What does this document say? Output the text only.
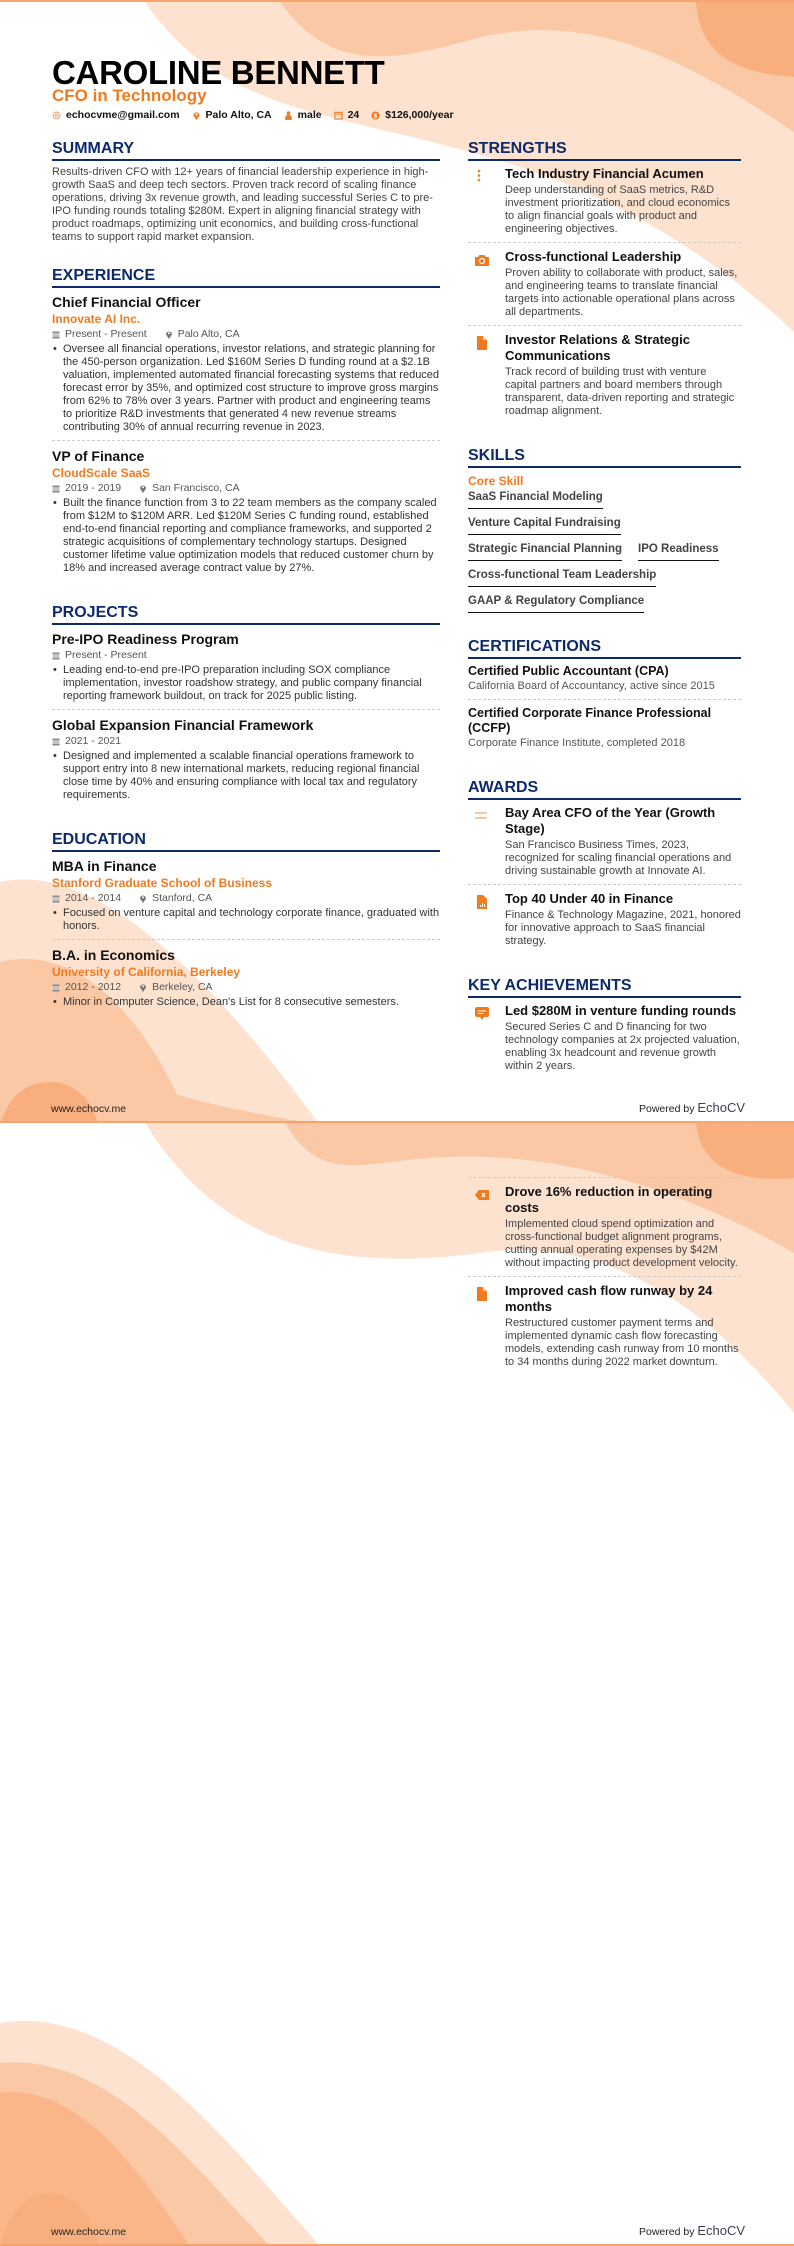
CAROLINE BENNETT
CFO in Technology
echocvme@gmail.com Palo Alto, CA male 24 $ $126,000/year
SUMMARY

Results-driven CFO with 12+ years of financial leadership experience in high-growth SaaS and deep tech sectors. Proven track record of scaling finance operations, driving 3x revenue growth, and leading successful Series C to pre-IPO funding rounds totaling $280M. Expert in aligning financial strategy with product roadmaps, optimizing unit economics, and building cross-functional teams to support rapid market expansion.

EXPERIENCE
Chief Financial Officer
Innovate AI Inc.
Present - Present	Palo Alto, CA
• Oversee all financial operations, investor relations, and strategic planning for the 450-person organization. Led $160M Series D funding round at a $2.1B valuation, implemented automated financial forecasting systems that reduced forecast error by 35%, and optimized cost structure to improve gross margins from 62% to 78% over 3 years. Partner with product and engineering teams to prioritize R&D investments that generated 4 new revenue streams contributing 30% of annual recurring revenue in 2023.
VP of Finance
CloudScale SaaS
2019 - 2019	San Francisco, CA
• Built the finance function from 3 to 22 team members as the company scaled from $12M to $120M ARR. Led $120M Series C funding round, established end-to-end financial reporting and compliance frameworks, and supported 2 strategic acquisitions of complementary technology startups. Designed customer lifetime value optimization models that reduced customer churn by 18% and increased average contract value by 27%.
PROJECTS
Pre-IPO Readiness Program
Present - Present
• Leading end-to-end pre-IPO preparation including SOX compliance implementation, investor roadshow strategy, and public company financial reporting framework buildout, on track for 2025 public listing.
Global Expansion Financial Framework
2021 - 2021
• Designed and implemented a scalable financial operations framework to support entry into 8 new international markets, reducing regional financial close time by 40% and ensuring compliance with local tax and regulatory requirements.
EDUCATION
MBA in Finance
Stanford Graduate School of Business
2014 - 2014	Stanford, CA
• Focused on venture capital and technology corporate finance, graduated with honors.
B.A. in Economics
University of California, Berkeley
2012 - 2012	Berkeley, CA
• Minor in Computer Science, Dean's List for 8 consecutive semesters.
STRENGTHS
Tech Industry Financial Acumen
Deep understanding of SaaS metrics, R&D investment prioritization, and cloud economics to align financial goals with product and engineering objectives.
Cross-functional Leadership
Proven ability to collaborate with product, sales, and engineering teams to translate financial targets into actionable operational plans across all departments.
Investor Relations & Strategic Communications
Track record of building trust with venture capital partners and board members through transparent, data-driven reporting and strategic roadmap alignment.
SKILLS
Core Skill
SaaS Financial Modeling
Venture Capital Fundraising
Strategic Financial Planning IPO Readiness
Cross-functional Team Leadership
GAAP & Regulatory Compliance
CERTIFICATIONS
Certified Public Accountant (CPA)
California Board of Accountancy, active since 2015
Certified Corporate Finance Professional (CCFP)
Corporate Finance Institute, completed 2018
AWARDS
Bay Area CFO of the Year (Growth Stage)
San Francisco Business Times, 2023, recognized for scaling financial operations and driving sustainable growth at Innovate AI.
Top 40 Under 40 in Finance
Finance & Technology Magazine, 2021, honored for innovative approach to SaaS financial strategy.
KEY ACHIEVEMENTS
Led $280M in venture funding rounds
Secured Series C and D financing for two technology companies at 2x projected valuation, enabling 3x headcount and revenue growth within 2 years.
www.echocv.me	Powered by EchoCV
Drove 16% reduction in operating costs
Implemented cloud spend optimization and cross-functional budget alignment programs, cutting annual operating expenses by $42M without impacting product development velocity.
Improved cash flow runway by 24 months
Restructured customer payment terms and implemented dynamic cash flow forecasting models, extending cash runway from 10 months to 34 months during 2022 market downturn.
www.echocv.me	Powered by EchoCV
